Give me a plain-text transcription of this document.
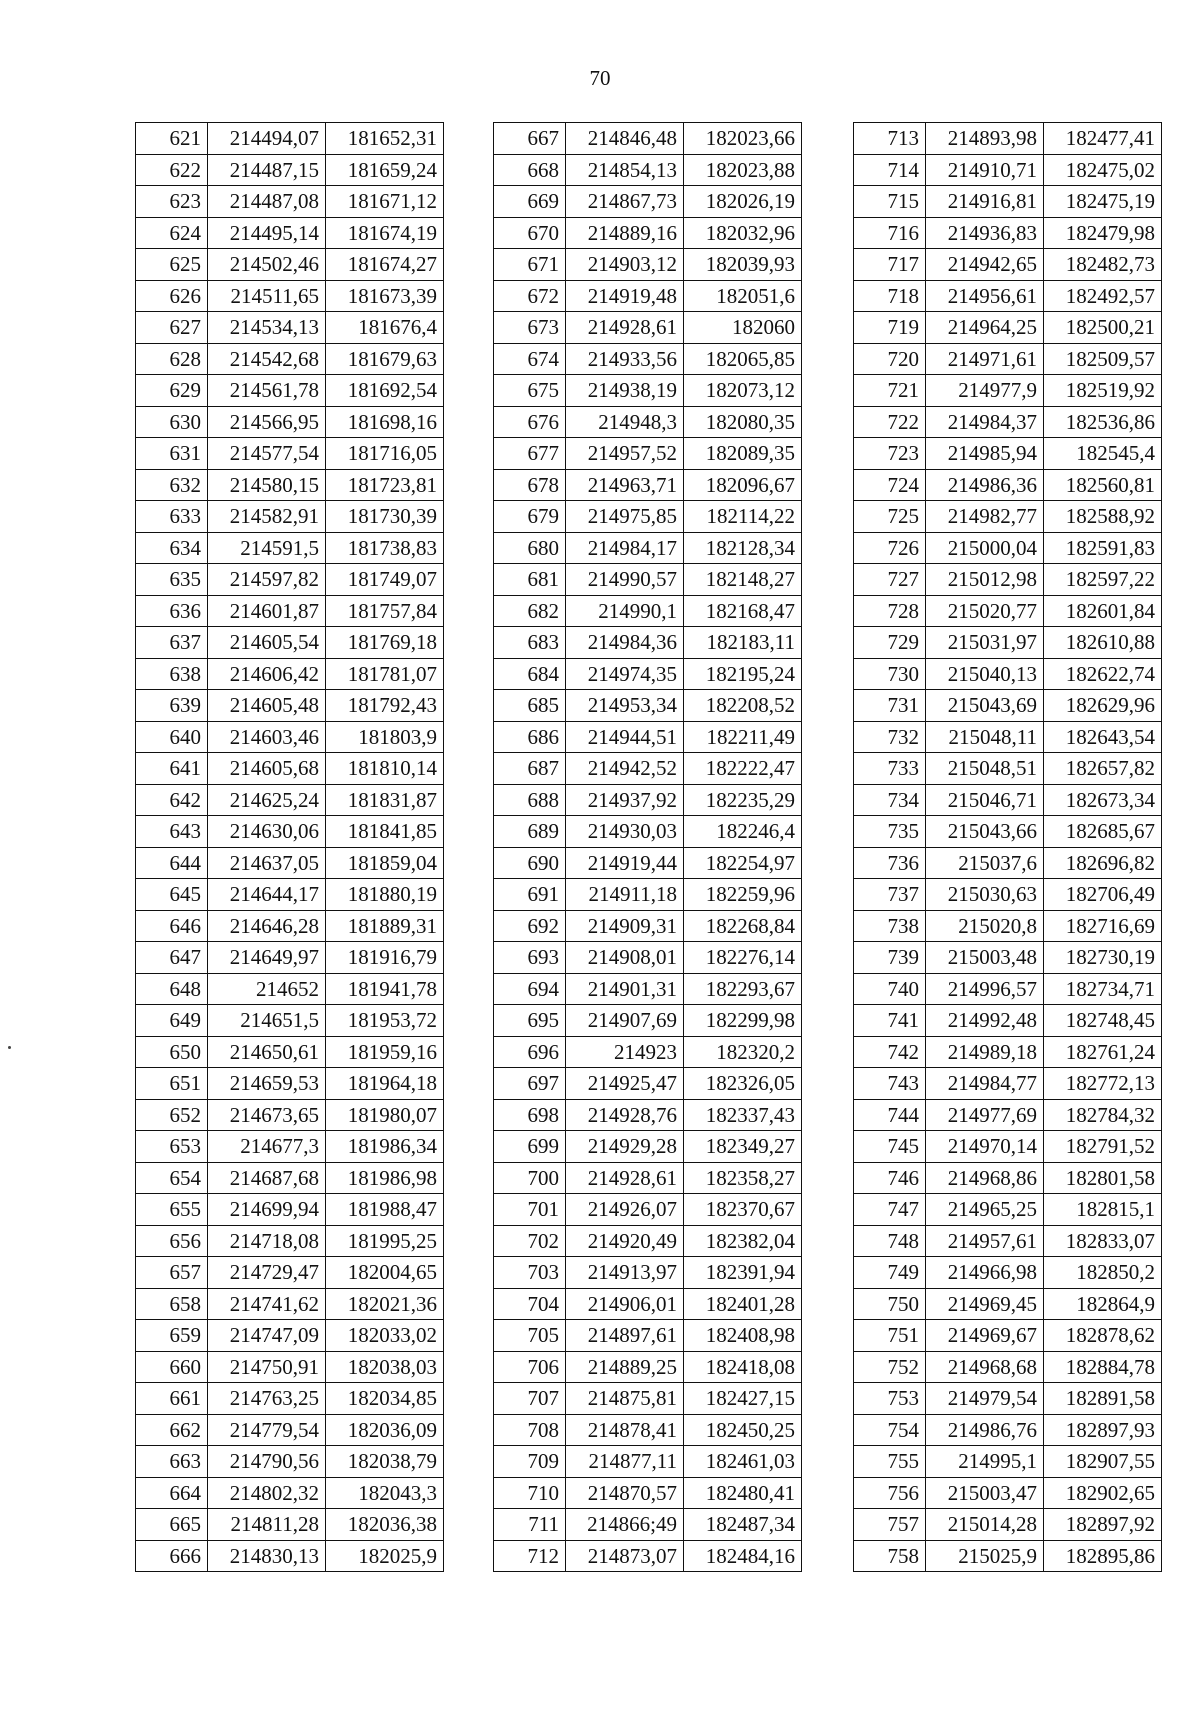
70
621	214494,07	181652,31
622	214487,15	181659,24
623	214487,08	181671,12
624	214495,14	181674,19
625	214502,46	181674,27
626	214511,65	181673,39
627	214534,13	181676,4
628	214542,68	181679,63
629	214561,78	181692,54
630	214566,95	181698,16
631	214577,54	181716,05
632	214580,15	181723,81
633	214582,91	181730,39
634	214591,5	181738,83
635	214597,82	181749,07
636	214601,87	181757,84
637	214605,54	181769,18
638	214606,42	181781,07
639	214605,48	181792,43
640	214603,46	181803,9
641	214605,68	181810,14
642	214625,24	181831,87
643	214630,06	181841,85
644	214637,05	181859,04
645	214644,17	181880,19
646	214646,28	181889,31
647	214649,97	181916,79
648	214652	181941,78
649	214651,5	181953,72
650	214650,61	181959,16
651	214659,53	181964,18
652	214673,65	181980,07
653	214677,3	181986,34
654	214687,68	181986,98
655	214699,94	181988,47
656	214718,08	181995,25
657	214729,47	182004,65
658	214741,62	182021,36
659	214747,09	182033,02
660	214750,91	182038,03
661	214763,25	182034,85
662	214779,54	182036,09
663	214790,56	182038,79
664	214802,32	182043,3
665	214811,28	182036,38
666	214830,13	182025,9
667	214846,48	182023,66
668	214854,13	182023,88
669	214867,73	182026,19
670	214889,16	182032,96
671	214903,12	182039,93
672	214919,48	182051,6
673	214928,61	182060
674	214933,56	182065,85
675	214938,19	182073,12
676	214948,3	182080,35
677	214957,52	182089,35
678	214963,71	182096,67
679	214975,85	182114,22
680	214984,17	182128,34
681	214990,57	182148,27
682	214990,1	182168,47
683	214984,36	182183,11
684	214974,35	182195,24
685	214953,34	182208,52
686	214944,51	182211,49
687	214942,52	182222,47
688	214937,92	182235,29
689	214930,03	182246,4
690	214919,44	182254,97
691	214911,18	182259,96
692	214909,31	182268,84
693	214908,01	182276,14
694	214901,31	182293,67
695	214907,69	182299,98
696	214923	182320,2
697	214925,47	182326,05
698	214928,76	182337,43
699	214929,28	182349,27
700	214928,61	182358,27
701	214926,07	182370,67
702	214920,49	182382,04
703	214913,97	182391,94
704	214906,01	182401,28
705	214897,61	182408,98
706	214889,25	182418,08
707	214875,81	182427,15
708	214878,41	182450,25
709	214877,11	182461,03
710	214870,57	182480,41
711	214866;49	182487,34
712	214873,07	182484,16
713	214893,98	182477,41
714	214910,71	182475,02
715	214916,81	182475,19
716	214936,83	182479,98
717	214942,65	182482,73
718	214956,61	182492,57
719	214964,25	182500,21
720	214971,61	182509,57
721	214977,9	182519,92
722	214984,37	182536,86
723	214985,94	182545,4
724	214986,36	182560,81
725	214982,77	182588,92
726	215000,04	182591,83
727	215012,98	182597,22
728	215020,77	182601,84
729	215031,97	182610,88
730	215040,13	182622,74
731	215043,69	182629,96
732	215048,11	182643,54
733	215048,51	182657,82
734	215046,71	182673,34
735	215043,66	182685,67
736	215037,6	182696,82
737	215030,63	182706,49
738	215020,8	182716,69
739	215003,48	182730,19
740	214996,57	182734,71
741	214992,48	182748,45
742	214989,18	182761,24
743	214984,77	182772,13
744	214977,69	182784,32
745	214970,14	182791,52
746	214968,86	182801,58
747	214965,25	182815,1
748	214957,61	182833,07
749	214966,98	182850,2
750	214969,45	182864,9
751	214969,67	182878,62
752	214968,68	182884,78
753	214979,54	182891,58
754	214986,76	182897,93
755	214995,1	182907,55
756	215003,47	182902,65
757	215014,28	182897,92
758	215025,9	182895,86
